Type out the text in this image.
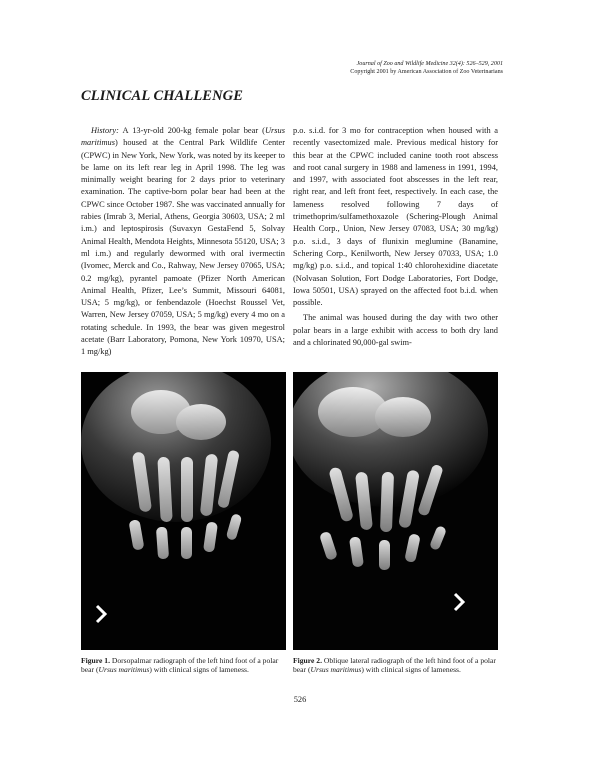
Journal of Zoo and Wildlife Medicine 32(4): 526–529, 2001
Copyright 2001 by American Association of Zoo Veterinarians
CLINICAL CHALLENGE

History: A 13-yr-old 200-kg female polar bear (Ursus maritimus) housed at the Central Park Wildlife Center (CPWC) in New York, New York, was noted by its keeper to be lame on its left rear leg in April 1998. The leg was minimally weight bearing for 2 days prior to veterinary examination. The captive-born polar bear had been at the CPWC since October 1987. She was vaccinated annually for rabies (Imrab 3, Merial, Athens, Georgia 30603, USA; 2 ml i.m.) and leptospirosis (Suvaxyn GestaFend 5, Solvay Animal Health, Mendota Heights, Minnesota 55120, USA; 3 ml i.m.) and regularly dewormed with oral ivermectin (Ivomec, Merck and Co., Rahway, New Jersey 07065, USA; 0.2 mg/kg), pyrantel pamoate (Pfizer North American Animal Health, Pfizer, Lee’s Summit, Missouri 64081, USA; 5 mg/kg), or fenbendazole (Hoechst Roussel Vet, Warren, New Jersey 07059, USA; 5 mg/kg) every 4 mo on a rotating schedule. In 1993, the bear was given megestrol acetate (Barr Laboratory, Pomona, New York 10970, USA; 1 mg/kg)

p.o. s.i.d. for 3 mo for contraception when housed with a recently vasectomized male. Previous medical history for this bear at the CPWC included canine tooth root abscess and root canal surgery in 1988 and lameness in 1991, 1994, and 1997, with associated foot abscesses in the left rear, right rear, and left front feet, respectively. In each case, the lameness resolved following 7 days of trimethoprim/sulfamethoxazole (Schering-Plough Animal Health Corp., Union, New Jersey 07083, USA; 30 mg/kg) p.o. s.i.d., 3 days of flunixin meglumine (Banamine, Schering Corp., Kenilworth, New Jersey 07033, USA; 1.0 mg/kg) p.o. s.i.d., and topical 1:40 chlorohexidine diacetate (Nolvasan Solution, Fort Dodge Laboratories, Fort Dodge, Iowa 50501, USA) sprayed on the affected foot b.i.d. when possible.

The animal was housed during the day with two other polar bears in a large exhibit with access to both dry land and a chlorinated 90,000-gal swim-

Figure 1. Dorsopalmar radiograph of the left hind foot of a polar bear (Ursus maritimus) with clinical signs of lameness.
Figure 2. Oblique lateral radiograph of the left hind foot of a polar bear (Ursus maritimus) with clinical signs of lameness.
526
